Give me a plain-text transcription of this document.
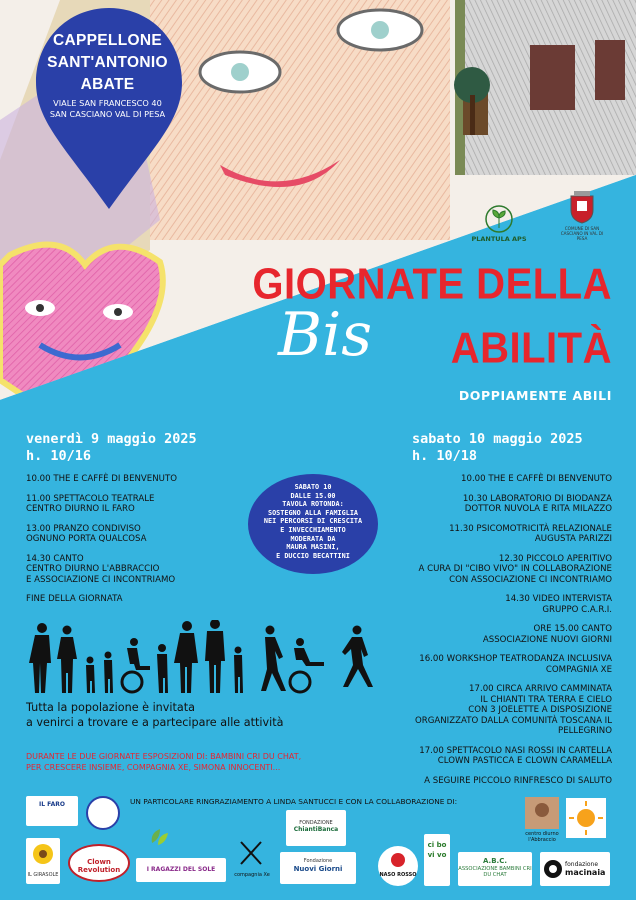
CAPPELLONE
SANT'ANTONIO
ABATE
VIALE SAN FRANCESCO 40
SAN CASCIANO VAL DI PESA
PLANTULA APS
COMUNE DI SAN CASCIANO IN VAL DI PESA
GIORNATE DELLA
Bis	ABILITÀ
DOPPIAMENTE ABILI
venerdì 9 maggio 2025
h. 10/16
10.00 THE E CAFFÈ DI BENVENUTO
11.00 SPETTACOLO TEATRALE
CENTRO DIURNO IL FARO
13.00 PRANZO CONDIVISO
OGNUNO PORTA QUALCOSA
14.30 CANTO
CENTRO DIURNO L'ABBRACCIO
E ASSOCIAZIONE CI INCONTRIAMO
FINE DELLA GIORNATA
SABATO 10
DALLE 15.00
TAVOLA ROTONDA:
SOSTEGNO ALLA FAMIGLIA
NEI PERCORSI DI CRESCITA
E INVECCHIAMENTO
MODERATA DA
MAURA MASINI,
E DUCCIO BECATTINI
sabato 10 maggio 2025
h. 10/18
10.00 THE E CAFFÈ DI BENVENUTO
10.30 LABORATORIO DI BIODANZA
DOTTOR NUVOLA E RITA MILAZZO
11.30 PSICOMOTRICITÀ RELAZIONALE
AUGUSTA PARIZZI
12.30 PICCOLO APERITIVO
A CURA DI "CIBO VIVO" IN COLLABORAZIONE
CON ASSOCIAZIONE CI INCONTRIAMO
14.30 VIDEO INTERVISTA
GRUPPO C.A.R.I.
ORE 15.00 CANTO
ASSOCIAZIONE NUOVI GIORNI
16.00 WORKSHOP TEATRODANZA INCLUSIVA
COMPAGNIA XE
17.00 CIRCA ARRIVO CAMMINATA
IL CHIANTI TRA TERRA E CIELO
CON 3 JOELETTE A DISPOSIZIONE
ORGANIZZATO DALLA COMUNITÀ TOSCANA IL PELLEGRINO
17.00 SPETTACOLO NASI ROSSI IN CARTELLA
CLOWN PASTICCA E CLOWN CARAMELLA
A SEGUIRE PICCOLO RINFRESCO DI SALUTO
Tutta la popolazione è invitata
a venirci a trovare e a partecipare alle attività
DURANTE LE DUE GIORNATE ESPOSIZIONI DI: BAMBINI CRI DU CHAT,
PER CRESCERE INSIEME, COMPAGNIA XE, SIMONA INNOCENTI...
UN PARTICOLARE RINGRAZIAMENTO A LINDA SANTUCCI E CON LA COLLABORAZIONE DI:
IL FARO
FONDAZIONE
ChiantiBanca
centro diurno l'Abbraccio
IL GIRASOLE
Clown Revolution	I RAGAZZI DEL SOLE
compagnia Xe
Fondazione
Nuovi Giorni
NASO ROSSO
ci bo vi vo
A.B.C.
ASSOCIAZIONE BAMBINI CRI DU CHAT
fondazione
macinaia
